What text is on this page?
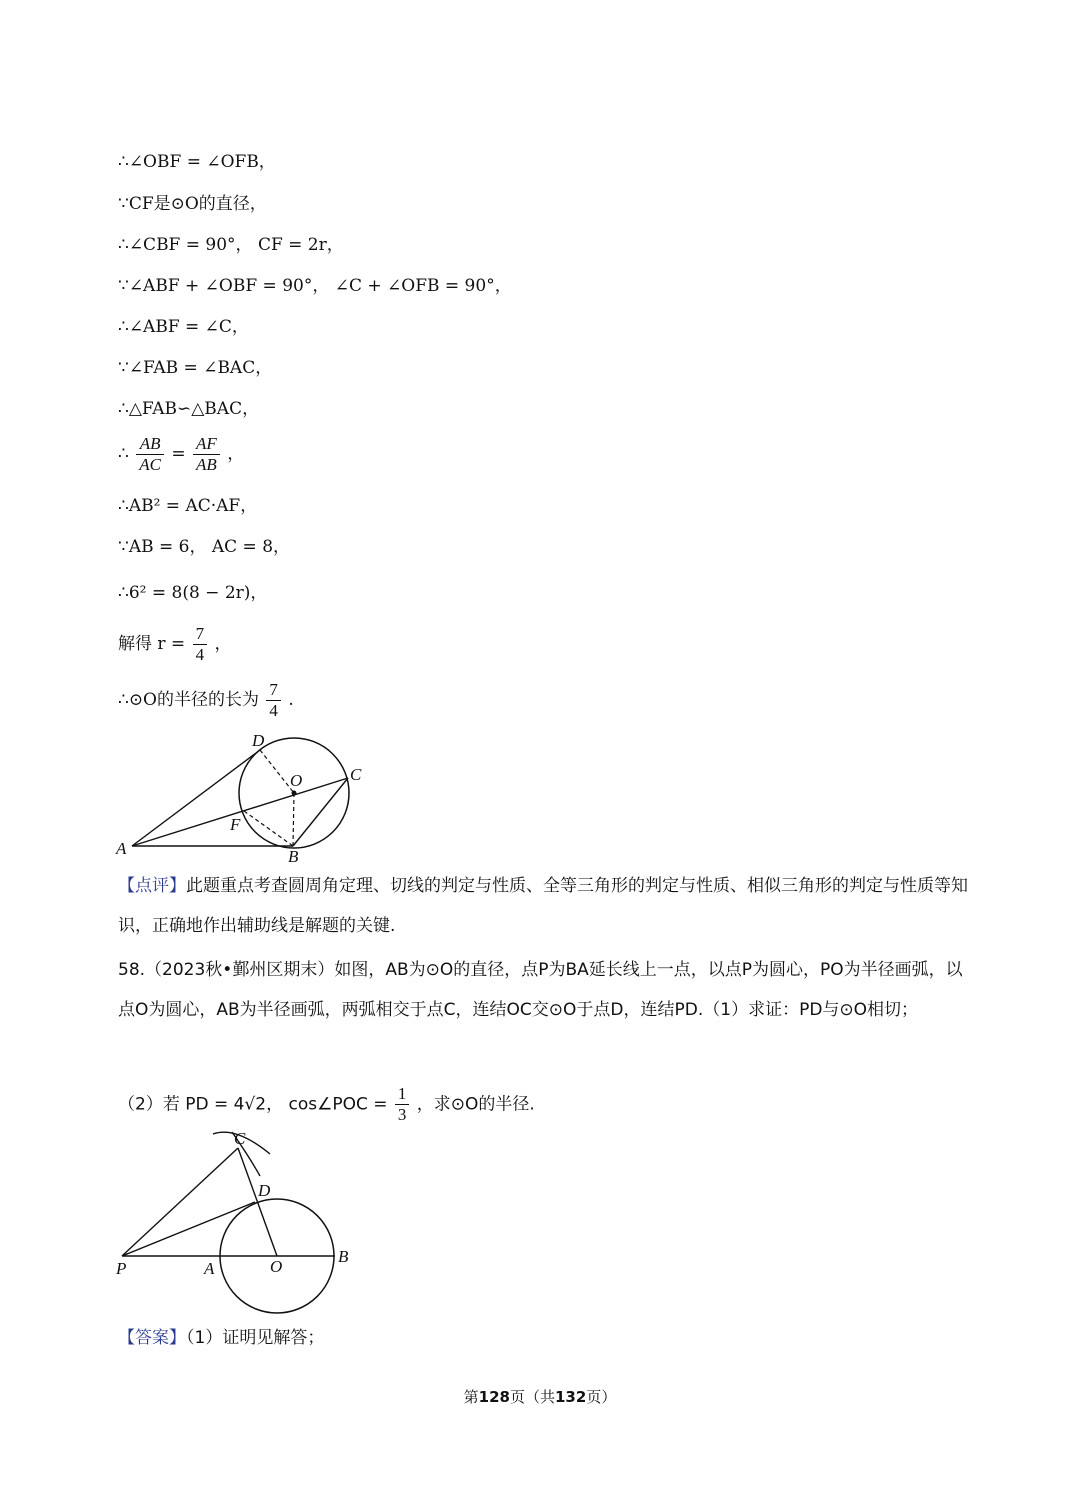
∴∠OBF = ∠OFB，
∵CF是⊙O的直径，
∴∠CBF = 90°， CF = 2r，
∵∠ABF + ∠OBF = 90°， ∠C + ∠OFB = 90°，
∴∠ABF = ∠C，
∵∠FAB = ∠BAC，
∴△FAB∽△BAC，
∴ $\frac{AB}{AC} = \frac{AF}{AB}$ ，
∴AB² = AC·AF，
∵AB = 6， AC = 8，
∴6² = 8(8 − 2r)，
解得 $r = \frac{7}{4}$ ，
∴⊙O的半径的长为 $\frac{7}{4}$ .
D
O	C
F
A	B
【点评】此题重点考查圆周角定理、切线的判定与性质、全等三角形的判定与性质、相似三角形的判定与性质等知识，正确地作出辅助线是解题的关键.
58.（2023秋•鄞州区期末）如图，AB为⊙O的直径，点P为BA延长线上一点，以点P为圆心，PO为半径画弧，以点O为圆心，AB为半径画弧，两弧相交于点C，连结OC交⊙O于点D，连结PD.（1）求证：PD与⊙O相切；
（2）若 PD = 4√2， cos∠POC = $\frac{1}{3}$ ，求⊙O的半径.
C
D
P	A	O
B
【答案】（1）证明见解答；
第128页（共132页）
